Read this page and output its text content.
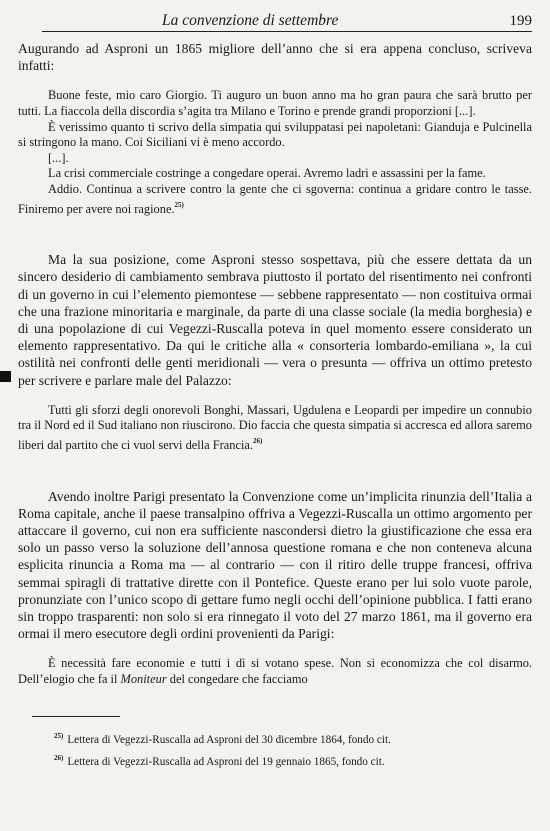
La convenzione di settembre	199

Augurando ad Aspronі un 1865 migliore dell’anno che si era appena concluso, scriveva infatti:

Buone feste, mio caro Giorgio. Ti auguro un buon anno ma ho gran paura che sarà brutto per tutti. La fiaccola della discordia s’agita tra Milano e Torino e prende grandi proporzioni [...].

È verissimo quanto ti scrivo della simpatia qui sviluppatasi pei napoletani: Gianduja e Pulcinella si stringono la mano. Coi Siciliani vi è meno accordo.

[...].

La crisi commerciale costringe a congedare operai. Avremo ladri e assassini per la fame.

Addio. Continua a scrivere contro la gente che ci sgoverna: continua a gridare contro le tasse. Finiremo per avere noi ragione.$^{25)}$

Ma la sua posizione, come Asproni stesso sospettava, più che essere dettata da un sincero desiderio di cambiamento sembrava piuttosto il portato del risentimento nei confronti di un governo in cui l’elemento piemontese — sebbene rappresentato — non costituiva ormai che una frazione minoritaria e marginale, da parte di una classe sociale (la media borghesia) e di una popolazione di cui Vegezzi-Ruscalla poteva in quel momento essere considerato un elemento rappresentativo. Da qui le critiche alla « consorteria lombardo-emiliana », la cui ostilità nei confronti delle genti meridionali — vera o presunta — offriva un ottimo pretesto per scrivere e parlare male del Palazzo:

Tutti gli sforzi degli onorevoli Bonghi, Massari, Ugdulena e Leopardi per impedire un connubio tra il Nord ed il Sud italiano non riuscirono. Dio faccia che questa simpatia si accresca ed allora saremo liberi dal partito che ci vuol servi della Francia.$^{26)}$

Avendo inoltre Parigi presentato la Convenzione come un’implicita rinunzia dell’Italia a Roma capitale, anche il paese transalpino offriva a Vegezzi-Ruscalla un ottimo argomento per attaccare il governo, cui non era sufficiente nascondersi dietro la giustificazione che essa era solo un passo verso la soluzione dell’annosa questione romana e che non conteneva alcuna esplicita rinuncia a Roma ma — al contrario — con il ritiro delle truppe francesi, offriva semmai spiragli di trattative dirette con il Pontefice. Queste erano per lui solo vuote parole, pronunziate con l’unico scopo di gettare fumo negli occhi dell’opinione pubblica. I fatti erano sin troppo trasparenti: non solo si era rinnegato il voto del 27 marzo 1861, ma il governo era ormai il mero esecutore degli ordini provenienti da Parigi:

È necessità fare economie e tutti i dì si votano spese. Non si economizza che col disarmo. Dell’elogio che fa il Moniteur del congedare che facciamo

$^{25)}$ Lettera di Vegezzi-Ruscalla ad Asproni del 30 dicembre 1864, fondo cit.

$^{26)}$ Lettera di Vegezzi-Ruscalla ad Asproni del 19 gennaio 1865, fondo cit.
